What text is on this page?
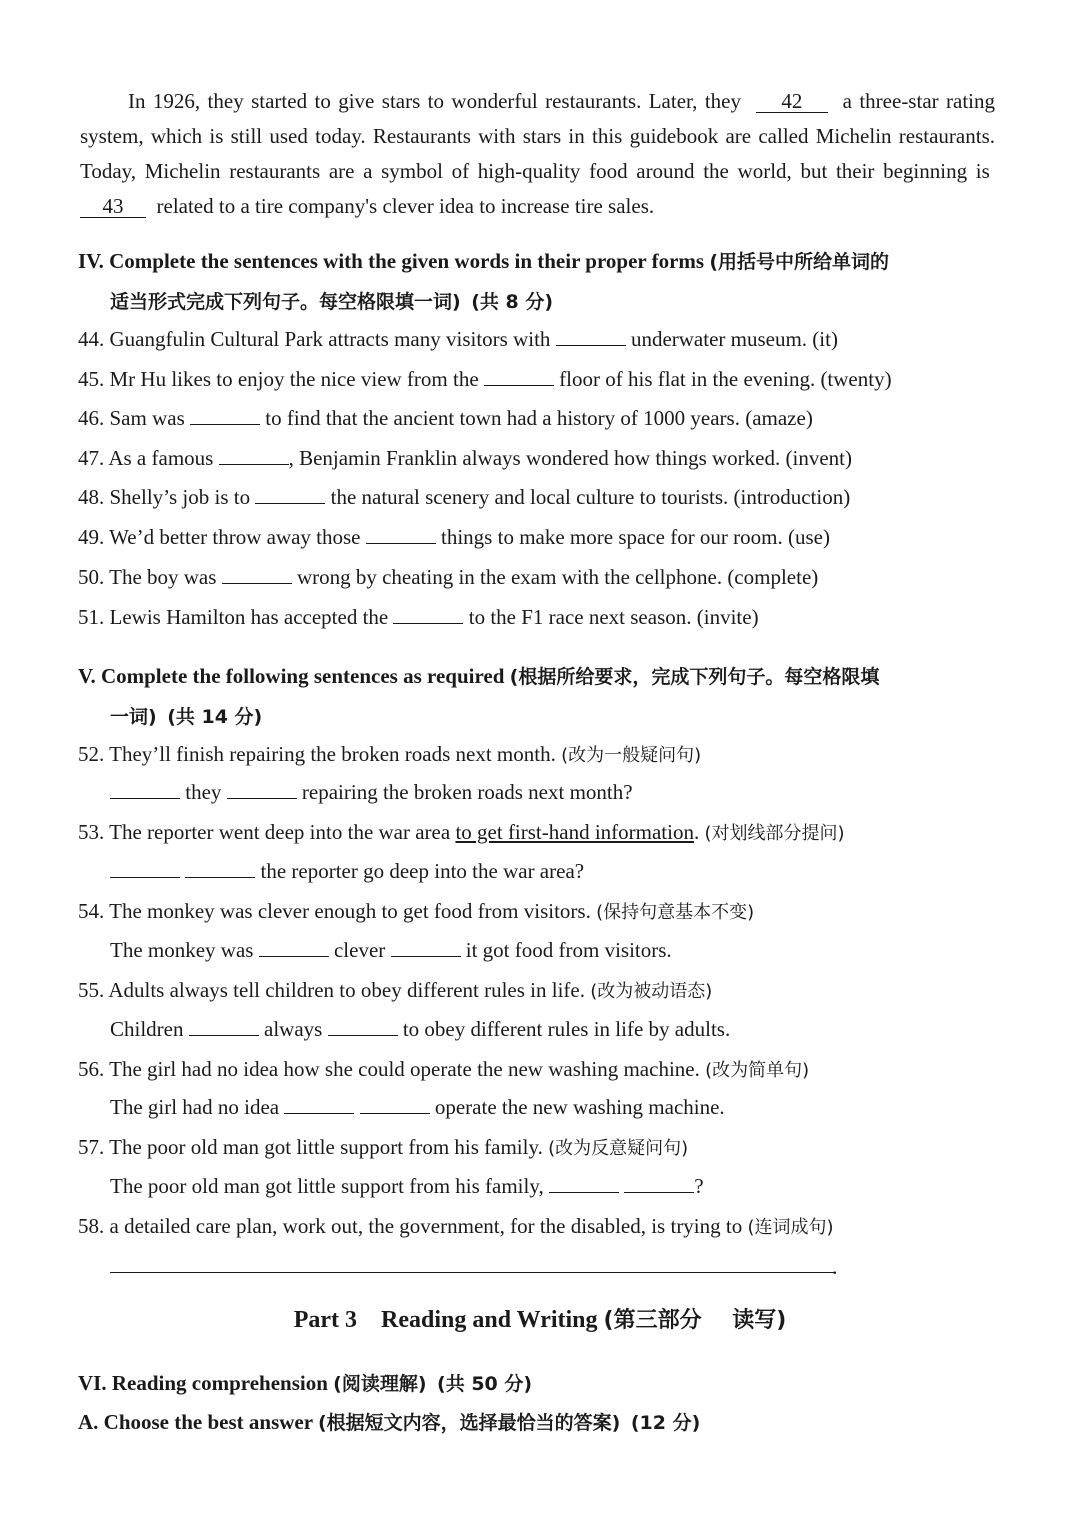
In 1926, they started to give stars to wonderful restaurants. Later, they 42 a three-star rating system, which is still used today. Restaurants with stars in this guidebook are called Michelin restaurants. Today, Michelin restaurants are a symbol of high-quality food around the world, but their beginning is  43 related to a tire company's clever idea to increase tire sales.
IV. Complete the sentences with the given words in their proper forms (用括号中所给单词的
适当形式完成下列句子。每空格限填一词) (共 8 分)
44. Guangfulin Cultural Park attracts many visitors with	underwater museum. (it)
45. Mr Hu likes to enjoy the nice view from the	floor of his flat in the evening. (twenty)
46. Sam was	to find that the ancient town had a history of 1000 years. (amaze)
47. As a famous	, Benjamin Franklin always wondered how things worked. (invent)
48. Shelly’s job is to	the natural scenery and local culture to tourists. (introduction)
49. We’d better throw away those	things to make more space for our room. (use)
50. The boy was	wrong by cheating in the exam with the cellphone. (complete)
51. Lewis Hamilton has accepted the	to the F1 race next season. (invite)
V. Complete the following sentences as required (根据所给要求，完成下列句子。每空格限填
一词) (共 14 分)
52. They’ll finish repairing the broken roads next month. (改为一般疑问句)
they	repairing the broken roads next month?
53. The reporter went deep into the war area to get first-hand information. (对划线部分提问)
the reporter go deep into the war area?
54. The monkey was clever enough to get food from visitors. (保持句意基本不变)
The monkey was	clever	it got food from visitors.
55. Adults always tell children to obey different rules in life. (改为被动语态)
Children	always	to obey different rules in life by adults.
56. The girl had no idea how she could operate the new washing machine. (改为简单句)
The girl had no idea	operate the new washing machine.
57. The poor old man got little support from his family. (改为反意疑问句)
The poor old man got little support from his family,	?
58. a detailed care plan, work out, the government, for the disabled, is trying to (连词成句)
.
Part 3    Reading and Writing (第三部分    读写)
VI. Reading comprehension (阅读理解) (共 50 分)
A. Choose the best answer (根据短文内容，选择最恰当的答案) (12 分)
